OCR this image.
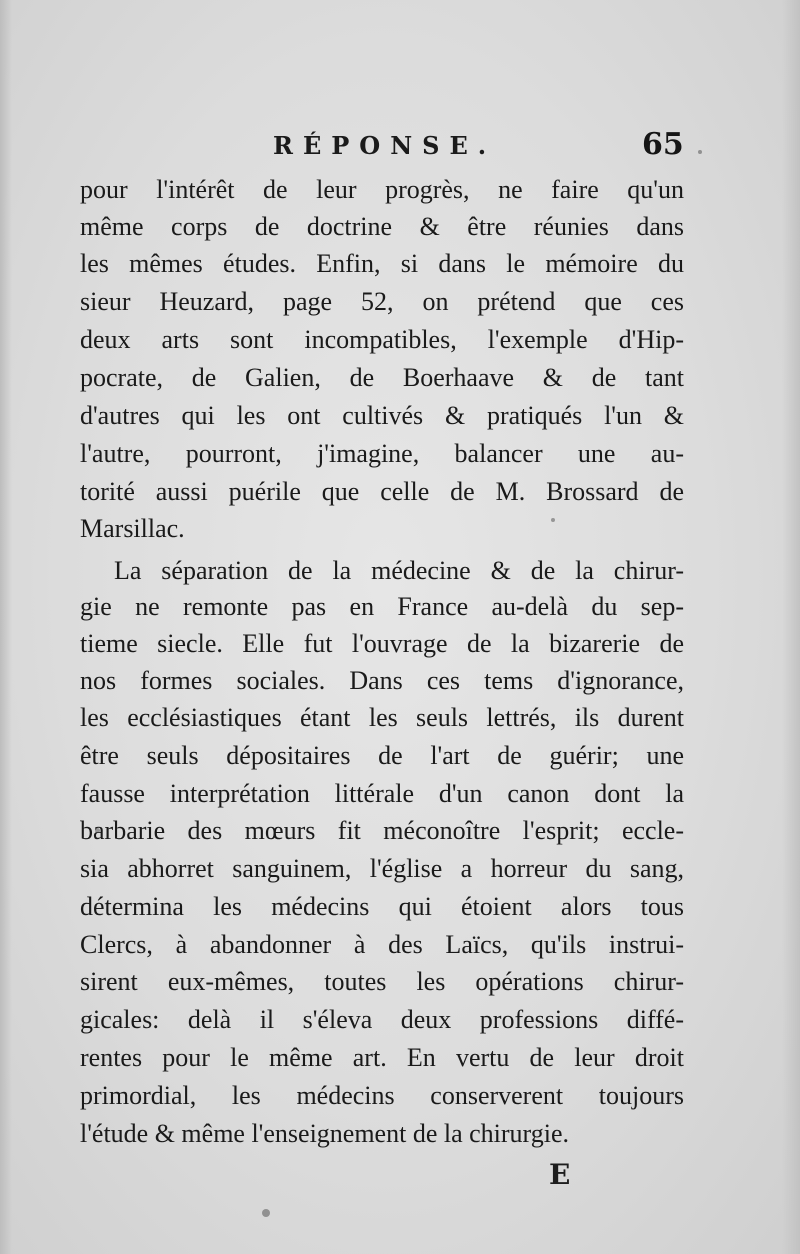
RÉPONSE.	65
pour l'intérêt de leur progrès, ne faire qu'un
même corps de doctrine & être réunies dans
les mêmes études. Enfin, si dans le mémoire du
sieur Heuzard, page 52, on prétend que ces
deux arts sont incompatibles, l'exemple d'Hip-
pocrate, de Galien, de Boerhaave & de tant
d'autres qui les ont cultivés & pratiqués l'un &
l'autre, pourront, j'imagine, balancer une au-
torité aussi puérile que celle de M. Brossard de
Marsillac.
La séparation de la médecine & de la chirur-
gie ne remonte pas en France au-delà du sep-
tieme siecle. Elle fut l'ouvrage de la bizarerie de
nos formes sociales. Dans ces tems d'ignorance,
les ecclésiastiques étant les seuls lettrés, ils durent
être seuls dépositaires de l'art de guérir; une
fausse interprétation littérale d'un canon dont la
barbarie des mœurs fit méconoître l'esprit; eccle-
sia abhorret sanguinem, l'église a horreur du sang,
détermina les médecins qui étoient alors tous
Clercs, à abandonner à des Laïcs, qu'ils instrui-
sirent eux-mêmes, toutes les opérations chirur-
gicales: delà il s'éleva deux professions diffé-
rentes pour le même art. En vertu de leur droit
primordial, les médecins conserverent toujours
l'étude & même l'enseignement de la chirurgie.
E
